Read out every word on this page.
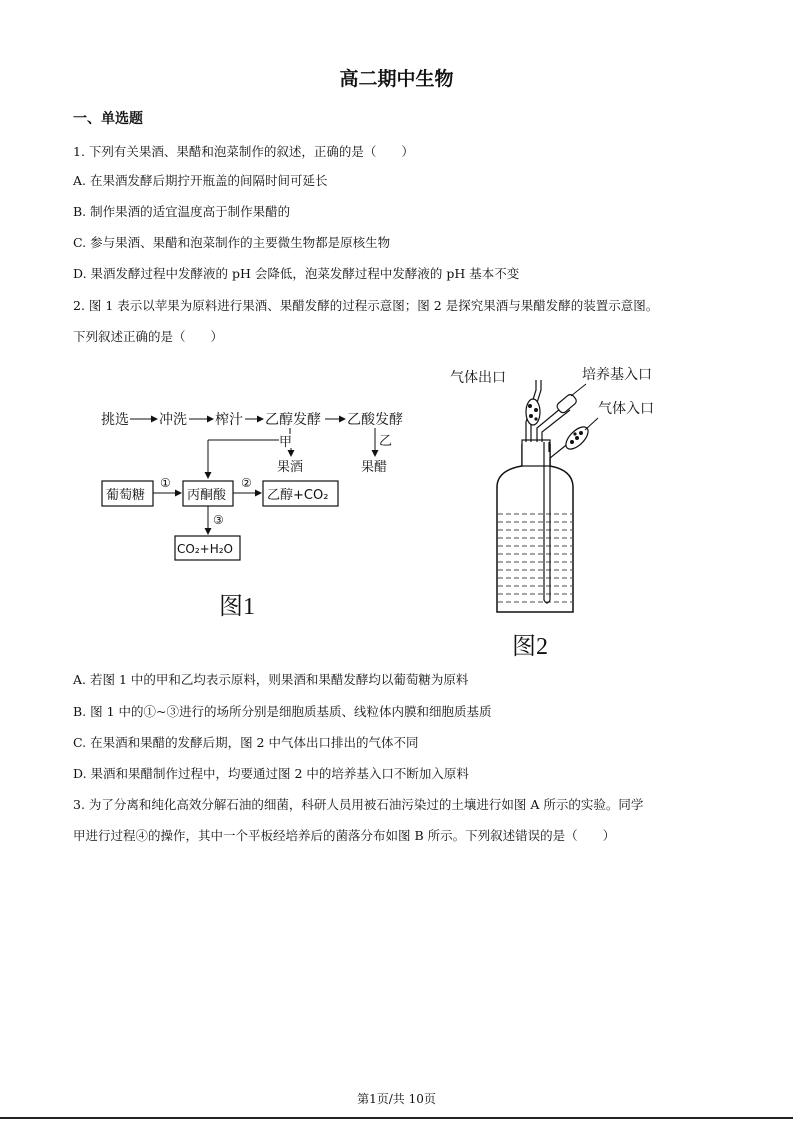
高二期中生物
一、单选题
1. 下列有关果酒、果醋和泡菜制作的叙述，正确的是（　　）
A. 在果酒发酵后期拧开瓶盖的间隔时间可延长
B. 制作果酒的适宜温度高于制作果醋的
C. 参与果酒、果醋和泡菜制作的主要微生物都是原核生物
D. 果酒发酵过程中发酵液的 pH 会降低，泡菜发酵过程中发酵液的 pH 基本不变
2. 图 1 表示以苹果为原料进行果酒、果醋发酵的过程示意图；图 2 是探究果酒与果醋发酵的装置示意图。
下列叙述正确的是（　　）
挑选 冲洗 榨汁 乙醇发酵 乙酸发酵
甲
果酒
乙
果醋
葡萄糖
①
丙酮酸
②
乙醇+CO₂
③
CO₂+H₂O
图1
气体出口	培养基入口
气体入口
图2
A. 若图 1 中的甲和乙均表示原料，则果酒和果醋发酵均以葡萄糖为原料
B. 图 1 中的①~③进行的场所分别是细胞质基质、线粒体内膜和细胞质基质
C. 在果酒和果醋的发酵后期，图 2 中气体出口排出的气体不同
D. 果酒和果醋制作过程中，均要通过图 2 中的培养基入口不断加入原料
3. 为了分离和纯化高效分解石油的细菌，科研人员用被石油污染过的土壤进行如图 A 所示的实验。同学
甲进行过程④的操作，其中一个平板经培养后的菌落分布如图 B 所示。下列叙述错误的是（　　）
第1页/共 10页
